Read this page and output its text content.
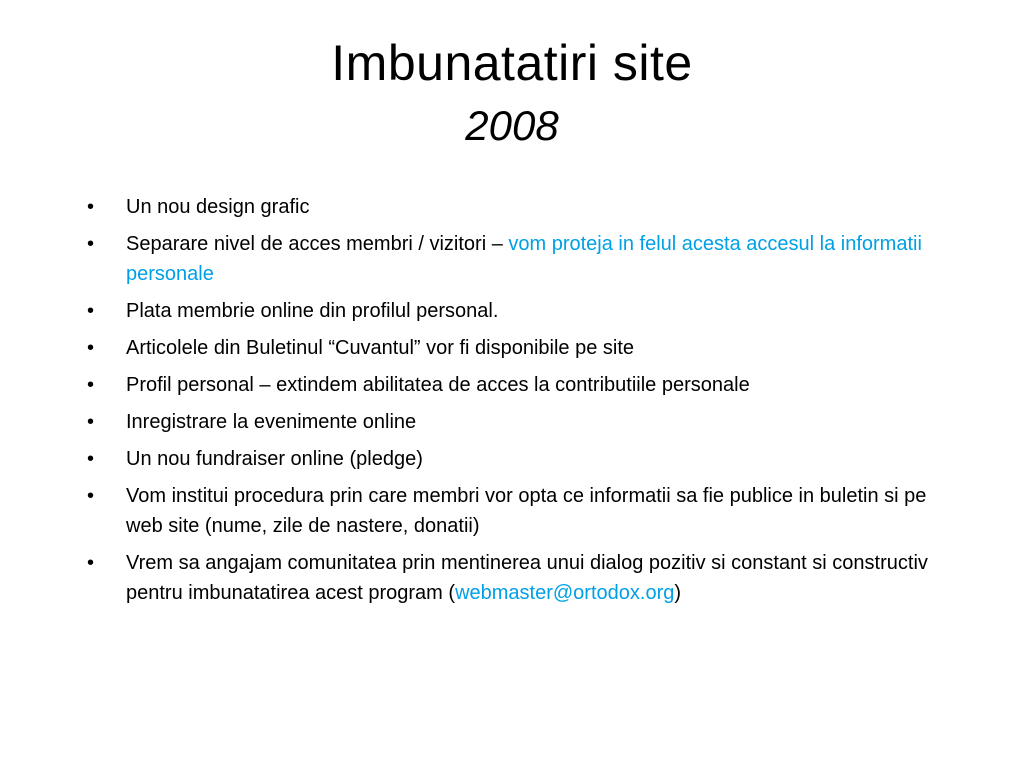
Imbunatatiri site
2008
• Un nou design grafic
• Separare nivel de acces membri / vizitori – vom proteja in felul acesta accesul la informatii personale
• Plata membrie online din profilul personal.
• Articolele din Buletinul “Cuvantul” vor fi disponibile pe site
• Profil personal – extindem abilitatea de acces la contributiile personale
• Inregistrare la evenimente online
• Un nou fundraiser online (pledge)
• Vom institui procedura prin care membri vor opta ce informatii sa fie publice in buletin si pe web site (nume, zile de nastere, donatii)
• Vrem sa angajam comunitatea prin mentinerea unui dialog pozitiv si constant si constructiv pentru imbunatatirea acest program (webmaster@ortodox.org)
